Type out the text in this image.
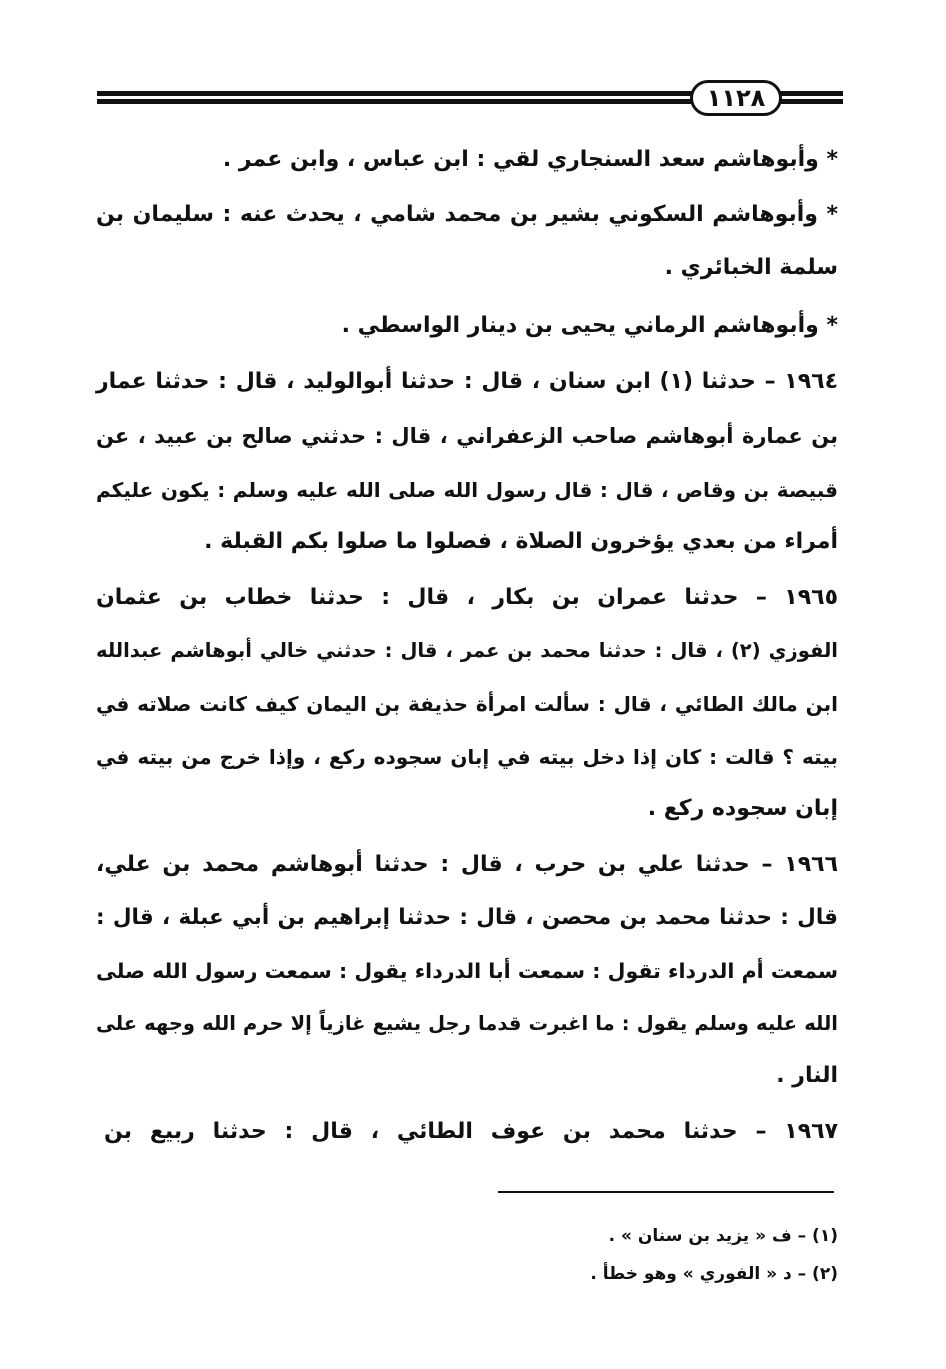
١١٢٨
* وأبوهاشم سعد السنجاري لقي : ابن عباس ، وابن عمر .
* وأبوهاشم السكوني بشير بن محمد شامي ، يحدث عنه : سليمان بن
سلمة الخبائري .
* وأبوهاشم الرماني يحيى بن دينار الواسطي .
١٩٦٤ – حدثنا (١) ابن سنان ، قال : حدثنا أبوالوليد ، قال : حدثنا عمار
بن عمارة أبوهاشم صاحب الزعفراني ، قال : حدثني صالح بن عبيد ، عن
قبيصة بن وقاص ، قال : قال رسول الله صلى الله عليه وسلم : يكون عليكم
أمراء من بعدي يؤخرون الصلاة ، فصلوا ما صلوا بكم القبلة .
١٩٦٥ – حدثنا عمران بن بكار ، قال : حدثنا خطاب بن عثمان
الفوزي (٢) ، قال : حدثنا محمد بن عمر ، قال : حدثني خالي أبوهاشم عبدالله
ابن مالك الطائي ، قال : سألت امرأة حذيفة بن اليمان كيف كانت صلاته في
بيته ؟ قالت : كان إذا دخل بيته في إبان سجوده ركع ، وإذا خرج من بيته في
إبان سجوده ركع .
١٩٦٦ – حدثنا علي بن حرب ، قال : حدثنا أبوهاشم محمد بن علي،
قال : حدثنا محمد بن محصن ، قال : حدثنا إبراهيم بن أبي عبلة ، قال :
سمعت أم الدرداء تقول : سمعت أبا الدرداء يقول : سمعت رسول الله صلى
الله عليه وسلم يقول : ما اغبرت قدما رجل يشيع غازياً إلا حرم الله وجهه على
النار .
١٩٦٧ – حدثنا محمد بن عوف الطائي ، قال : حدثنا ربيع بن
(١) – ف « يزيد بن سنان » .
(٢) – د « الفوري » وهو خطأ .
